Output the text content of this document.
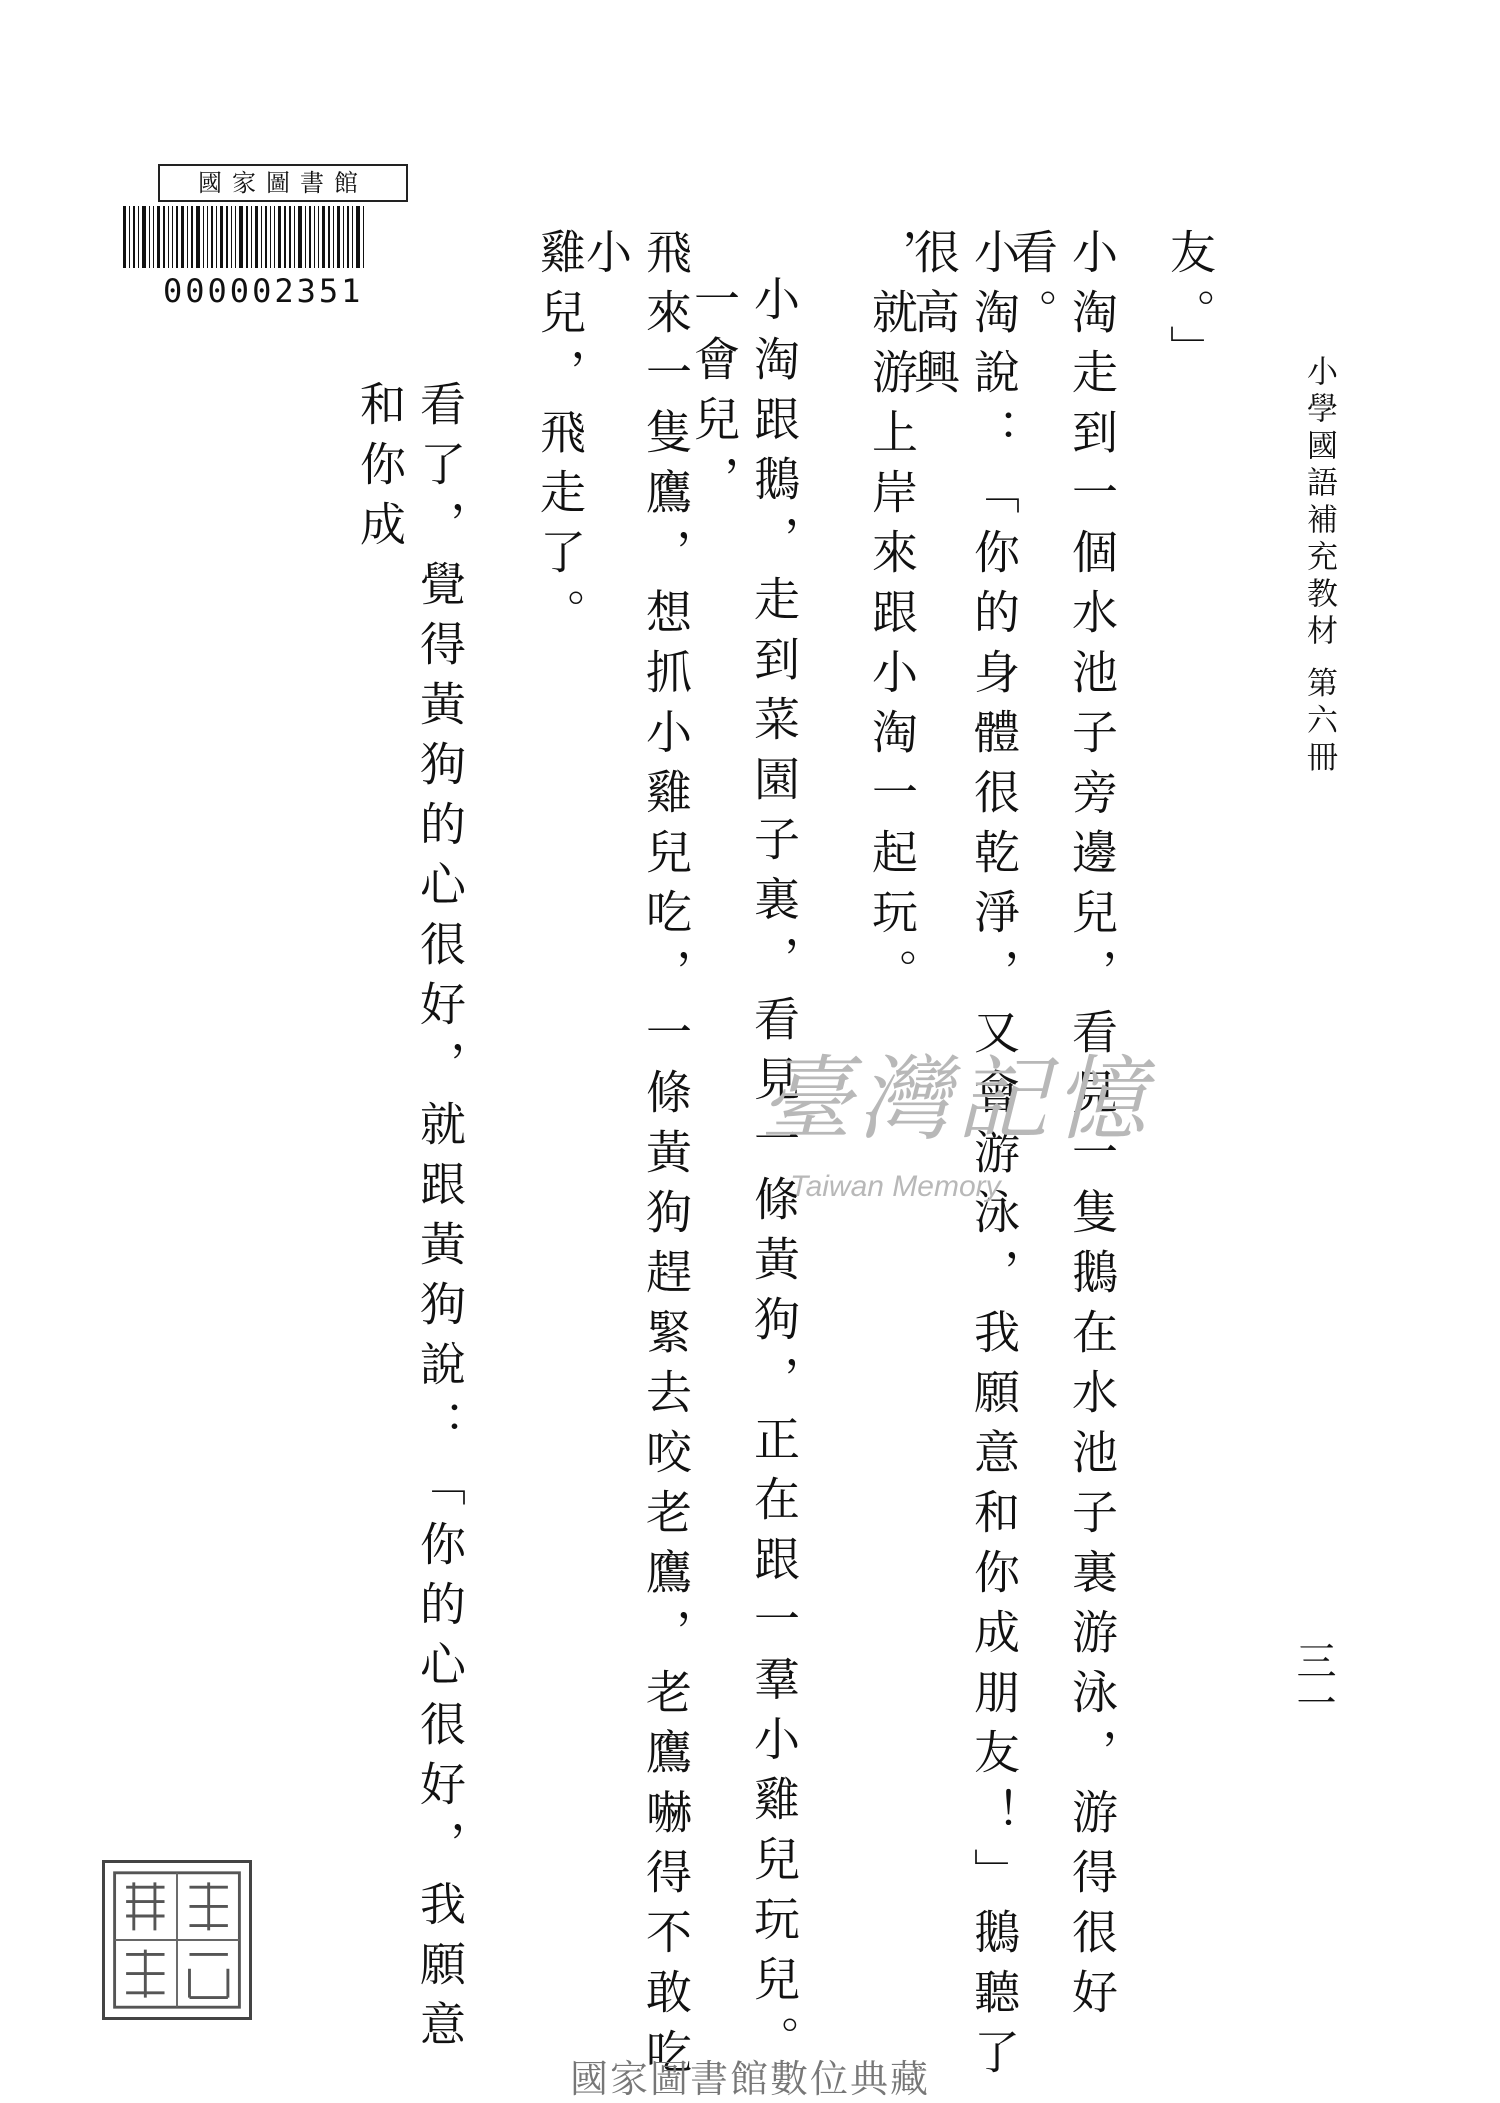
國家圖書館
000002351
小學國語補充教材 第六冊
三一
友。」
小淘走到一個水池子旁邊兒，看見一隻鵝在水池子裏游泳，游得很好看。
小淘說：「你的身體很乾淨，又會游泳，我願意和你成朋友！」鵝聽了很高興
，就游上岸來跟小淘一起玩。
小淘跟鵝，走到菜園子裏，看見一條黃狗，正在跟一羣小雞兒玩兒。一會兒，
飛來一隻鷹，想抓小雞兒吃，一條黃狗趕緊去咬老鷹，老鷹嚇得不敢吃小
雞兒，飛走了。
看了，覺得黃狗的心很好，就跟黃狗說：「你的心很好，我願意和你成
臺灣記憶
Taiwan Memory
國家圖書館數位典藏
